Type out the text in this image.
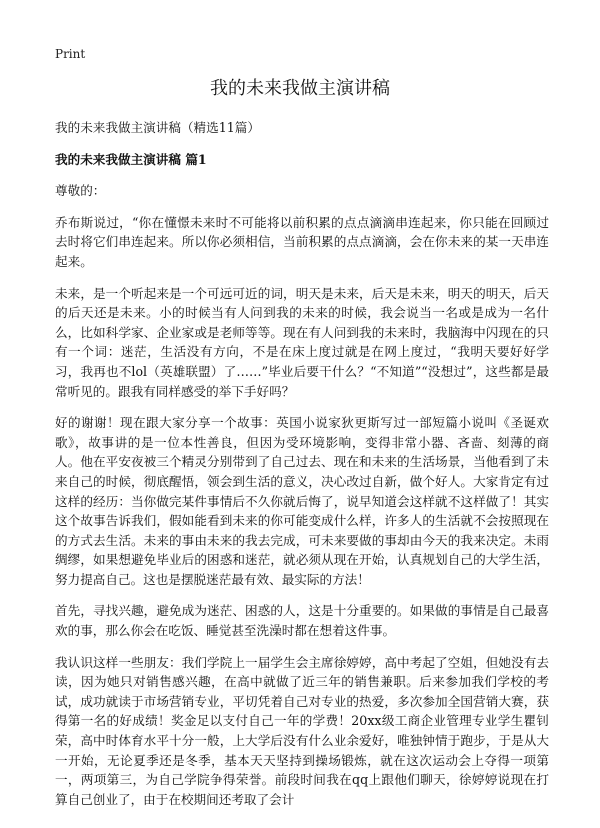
Print
我的未来我做主演讲稿

我的未来我做主演讲稿（精选11篇）

我的未来我做主演讲稿 篇1

尊敬的：

乔布斯说过，“你在懂憬未来时不可能将以前积累的点点滴滴串连起来，你只能在回顾过去时将它们串连起来。所以你必须相信，当前积累的点点滴滴，会在你未来的某一天串连起来。

未来，是一个听起来是一个可远可近的词，明天是未来，后天是未来，明天的明天，后天的后天还是未来。小的时候当有人问到我的未来的时候，我会说当一名或是成为一名什么，比如科学家、企业家或是老师等等。现在有人问到我的未来时，我脑海中闪现在的只有一个词：迷茫，生活没有方向，不是在床上度过就是在网上度过，“我明天要好好学习，我再也不lol（英雄联盟）了……”毕业后要干什么？“不知道”“没想过”，这些都是最常听见的。跟我有同样感受的举下手好吗？

好的谢谢！现在跟大家分享一个故事：英国小说家狄更斯写过一部短篇小说叫《圣诞欢歌》，故事讲的是一位本性善良，但因为受环境影响，变得非常小器、吝啬、刻薄的商人。他在平安夜被三个精灵分别带到了自己过去、现在和未来的生活场景，当他看到了未来自己的时候，彻底醒悟，领会到生活的意义，决心改过自新，做个好人。大家肯定有过这样的经历：当你做完某件事情后不久你就后悔了，说早知道会这样就不这样做了！其实这个故事告诉我们，假如能看到未来的你可能变成什么样，许多人的生活就不会按照现在的方式去生活。未来的事由未来的我去完成，可未来要做的事却由今天的我来决定。未雨绸缪，如果想避免毕业后的困惑和迷茫，就必须从现在开始，认真规划自己的大学生活，努力提高自己。这也是摆脱迷茫最有效、最实际的方法！

首先，寻找兴趣，避免成为迷茫、困惑的人，这是十分重要的。如果做的事情是自己最喜欢的事，那么你会在吃饭、睡觉甚至洗澡时都在想着这件事。

我认识这样一些朋友：我们学院上一届学生会主席徐婷婷，高中考起了空姐，但她没有去读，因为她只对销售感兴趣，在高中就做了近三年的销售兼职。后来参加我们学校的考试，成功就读于市场营销专业，平切凭着自己对专业的热爱，多次参加全国营销大赛，获得第一名的好成绩！奖金足以支付自己一年的学费！20xx级工商企业管理专业学生瞿钊荣，高中时体育水平十分一般，上大学后没有什么业余爱好，唯独钟情于跑步，于是从大一开始，无论夏季还是冬季，基本天天坚持到操场锻炼，就在这次运动会上夺得一项第一，两项第三，为自己学院争得荣誉。前段时间我在qq上跟他们聊天，徐婷婷说现在打算自己创业了，由于在校期间还考取了会计
